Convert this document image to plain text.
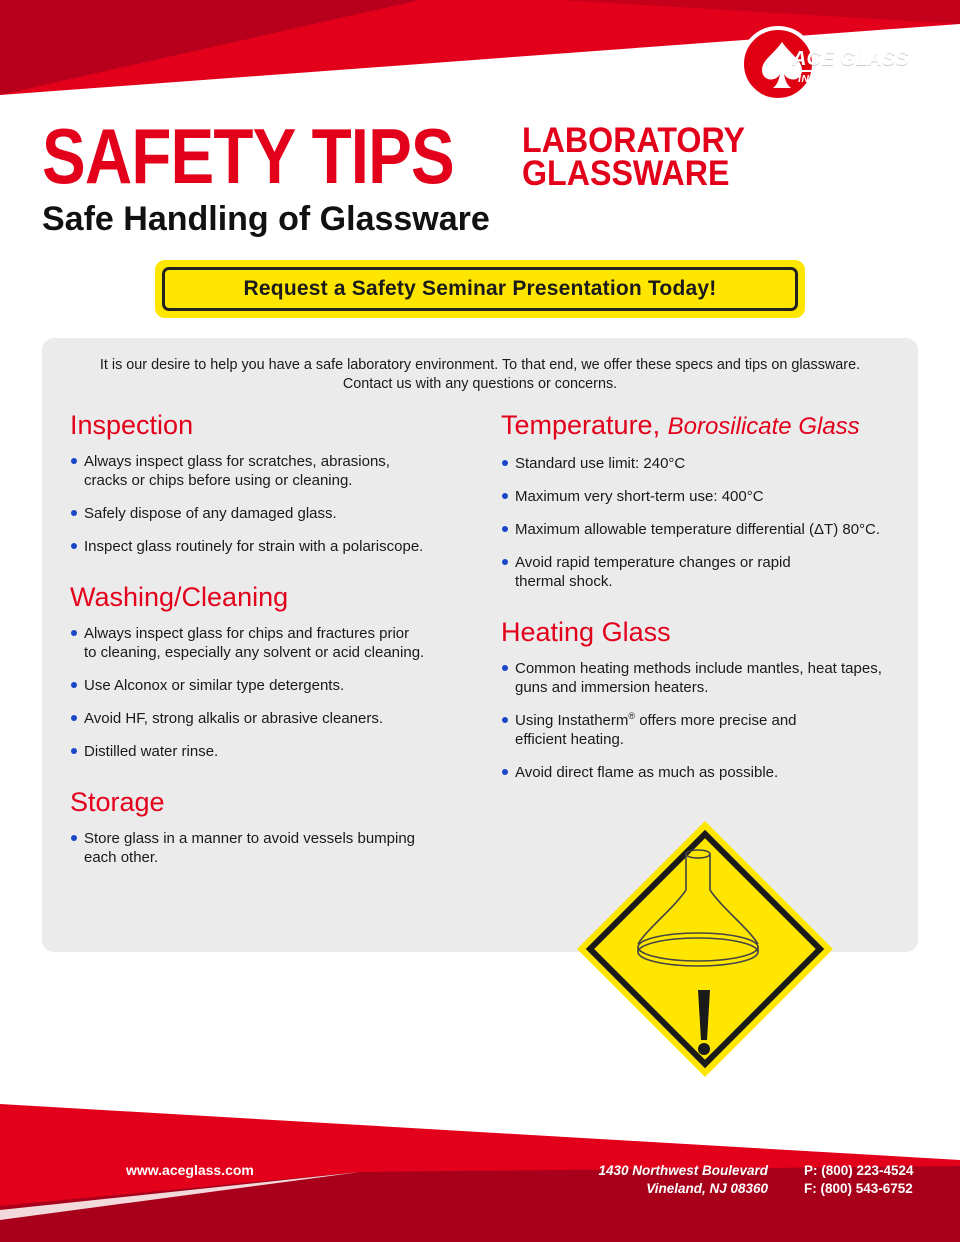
ACE GLASS
INCORPORATED
SAFETY TIPS LABORATORY
GLASSWARE
Safe Handling of Glassware
Request a Safety Seminar Presentation Today!
It is our desire to help you have a safe laboratory environment. To that end, we offer these specs and tips on glassware.
Contact us with any questions or concerns.
Inspection
Always inspect glass for scratches, abrasions,
cracks or chips before using or cleaning.
Safely dispose of any damaged glass.
Inspect glass routinely for strain with a polariscope.
Washing/Cleaning
Always inspect glass for chips and fractures prior
to cleaning, especially any solvent or acid cleaning.
Use Alconox or similar type detergents.
Avoid HF, strong alkalis or abrasive cleaners.
Distilled water rinse.
Storage
Store glass in a manner to avoid vessels bumping
each other.
Temperature, Borosilicate Glass
Standard use limit: 240°C
Maximum very short-term use: 400°C
Maximum allowable temperature differential (ΔT) 80°C.
Avoid rapid temperature changes or rapid
thermal shock.
Heating Glass
Common heating methods include mantles, heat tapes,
guns and immersion heaters.
Using Instatherm® offers more precise and
efficient heating.
Avoid direct flame as much as possible.
www.aceglass.com	1430 Northwest Boulevard
Vineland, NJ 08360
P: (800) 223-4524
F: (800) 543-6752
